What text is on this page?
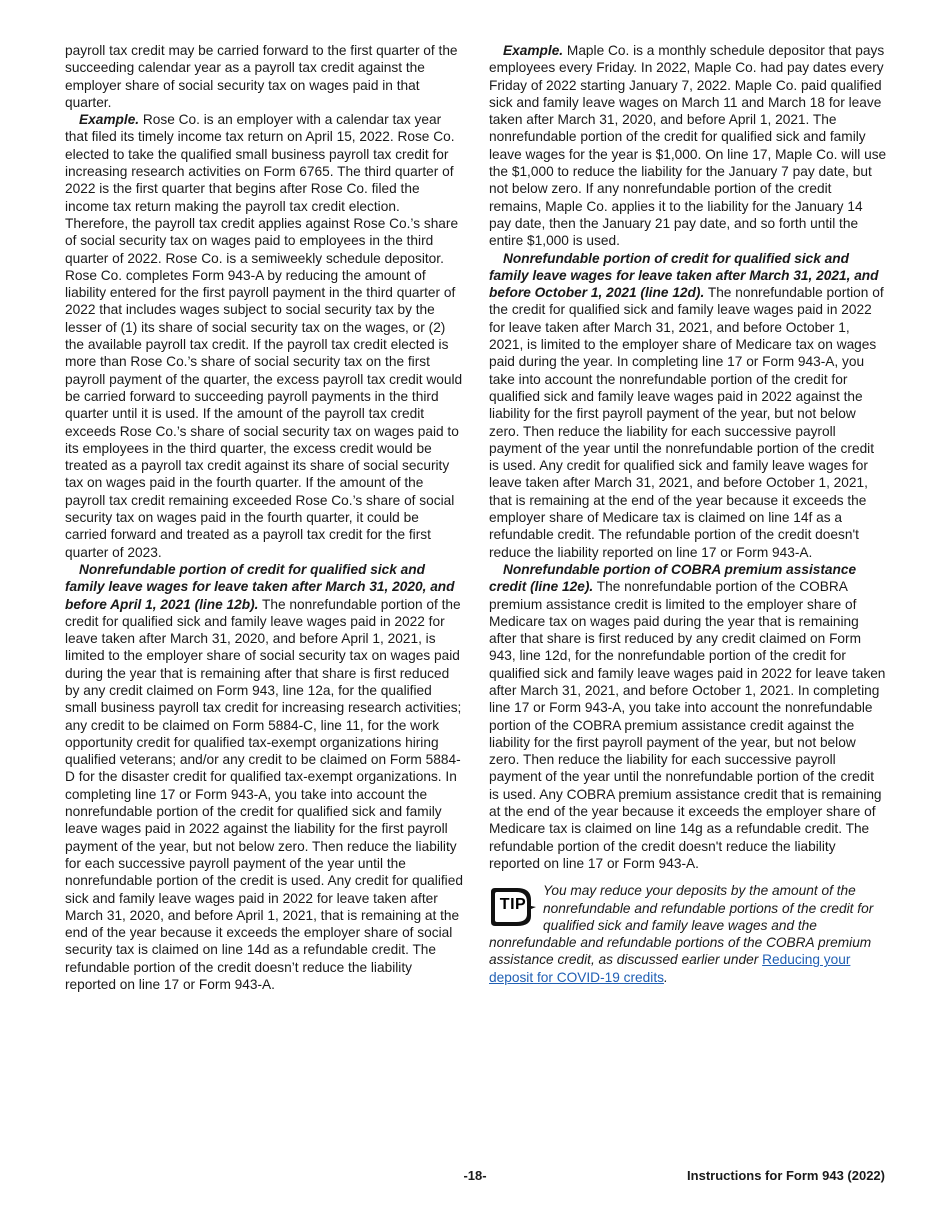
payroll tax credit may be carried forward to the first quarter of the succeeding calendar year as a payroll tax credit against the employer share of social security tax on wages paid in that quarter.

Example. Rose Co. is an employer with a calendar tax year that filed its timely income tax return on April 15, 2022. Rose Co. elected to take the qualified small business payroll tax credit for increasing research activities on Form 6765. The third quarter of 2022 is the first quarter that begins after Rose Co. filed the income tax return making the payroll tax credit election. Therefore, the payroll tax credit applies against Rose Co.’s share of social security tax on wages paid to employees in the third quarter of 2022. Rose Co. is a semiweekly schedule depositor. Rose Co. completes Form 943-A by reducing the amount of liability entered for the first payroll payment in the third quarter of 2022 that includes wages subject to social security tax by the lesser of (1) its share of social security tax on the wages, or (2) the available payroll tax credit. If the payroll tax credit elected is more than Rose Co.’s share of social security tax on the first payroll payment of the quarter, the excess payroll tax credit would be carried forward to succeeding payroll payments in the third quarter until it is used. If the amount of the payroll tax credit exceeds Rose Co.’s share of social security tax on wages paid to its employees in the third quarter, the excess credit would be treated as a payroll tax credit against its share of social security tax on wages paid in the fourth quarter. If the amount of the payroll tax credit remaining exceeded Rose Co.’s share of social security tax on wages paid in the fourth quarter, it could be carried forward and treated as a payroll tax credit for the first quarter of 2023.

Nonrefundable portion of credit for qualified sick and family leave wages for leave taken after March 31, 2020, and before April 1, 2021 (line 12b). The nonrefundable portion of the credit for qualified sick and family leave wages paid in 2022 for leave taken after March 31, 2020, and before April 1, 2021, is limited to the employer share of social security tax on wages paid during the year that is remaining after that share is first reduced by any credit claimed on Form 943, line 12a, for the qualified small business payroll tax credit for increasing research activities; any credit to be claimed on Form 5884-C, line 11, for the work opportunity credit for qualified tax-exempt organizations hiring qualified veterans; and/or any credit to be claimed on Form 5884-D for the disaster credit for qualified tax-exempt organizations. In completing line 17 or Form 943-A, you take into account the nonrefundable portion of the credit for qualified sick and family leave wages paid in 2022 against the liability for the first payroll payment of the year, but not below zero. Then reduce the liability for each successive payroll payment of the year until the nonrefundable portion of the credit is used. Any credit for qualified sick and family leave wages paid in 2022 for leave taken after March 31, 2020, and before April 1, 2021, that is remaining at the end of the year because it exceeds the employer share of social security tax is claimed on line 14d as a refundable credit. The refundable portion of the credit doesn’t reduce the liability reported on line 17 or Form 943-A.

Example. Maple Co. is a monthly schedule depositor that pays employees every Friday. In 2022, Maple Co. had pay dates every Friday of 2022 starting January 7, 2022. Maple Co. paid qualified sick and family leave wages on March 11 and March 18 for leave taken after March 31, 2020, and before April 1, 2021. The nonrefundable portion of the credit for qualified sick and family leave wages for the year is $1,000. On line 17, Maple Co. will use the $1,000 to reduce the liability for the January 7 pay date, but not below zero. If any nonrefundable portion of the credit remains, Maple Co. applies it to the liability for the January 14 pay date, then the January 21 pay date, and so forth until the entire $1,000 is used.

Nonrefundable portion of credit for qualified sick and family leave wages for leave taken after March 31, 2021, and before October 1, 2021 (line 12d). The nonrefundable portion of the credit for qualified sick and family leave wages paid in 2022 for leave taken after March 31, 2021, and before October 1, 2021, is limited to the employer share of Medicare tax on wages paid during the year. In completing line 17 or Form 943-A, you take into account the nonrefundable portion of the credit for qualified sick and family leave wages paid in 2022 against the liability for the first payroll payment of the year, but not below zero. Then reduce the liability for each successive payroll payment of the year until the nonrefundable portion of the credit is used. Any credit for qualified sick and family leave wages for leave taken after March 31, 2021, and before October 1, 2021, that is remaining at the end of the year because it exceeds the employer share of Medicare tax is claimed on line 14f as a refundable credit. The refundable portion of the credit doesn't reduce the liability reported on line 17 or Form 943-A.

Nonrefundable portion of COBRA premium assistance credit (line 12e). The nonrefundable portion of the COBRA premium assistance credit is limited to the employer share of Medicare tax on wages paid during the year that is remaining after that share is first reduced by any credit claimed on Form 943, line 12d, for the nonrefundable portion of the credit for qualified sick and family leave wages paid in 2022 for leave taken after March 31, 2021, and before October 1, 2021. In completing line 17 or Form 943-A, you take into account the nonrefundable portion of the COBRA premium assistance credit against the liability for the first payroll payment of the year, but not below zero. Then reduce the liability for each successive payroll payment of the year until the nonrefundable portion of the credit is used. Any COBRA premium assistance credit that is remaining at the end of the year because it exceeds the employer share of Medicare tax is claimed on line 14g as a refundable credit. The refundable portion of the credit doesn't reduce the liability reported on line 17 or Form 943-A.

TIP
You may reduce your deposits by the amount of the nonrefundable and refundable portions of the credit for qualified sick and family leave wages and the nonrefundable and refundable portions of the COBRA premium assistance credit, as discussed earlier under Reducing your deposit for COVID-19 credits.
-18-	Instructions for Form 943 (2022)
